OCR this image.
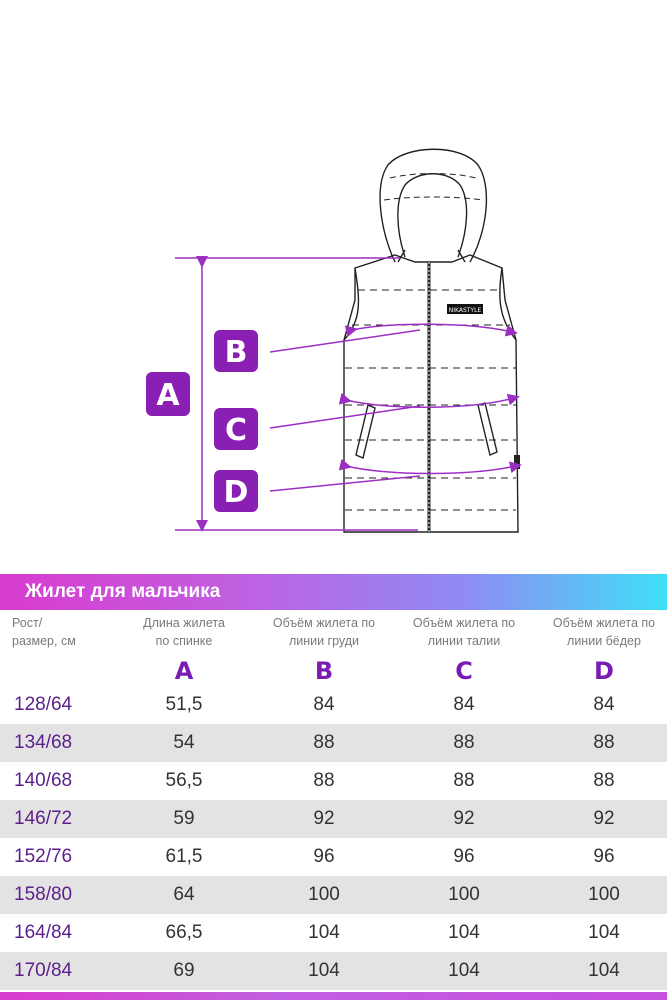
NIKASTYLE
A
B
C
D
Жилет для мальчика
Рост/
размер, см
Длина жилета
по спинке
A
Объём жилета по
линии груди
B
Объём жилета по
линии талии
C
Объём жилета по
линии бёдер
D
128/64	51,5	84	84	84
134/68	54	88	88	88
140/68	56,5	88	88	88
146/72	59	92	92	92
152/76	61,5	96	96	96
158/80	64	100	100	100
164/84	66,5	104	104	104
170/84	69	104	104	104
